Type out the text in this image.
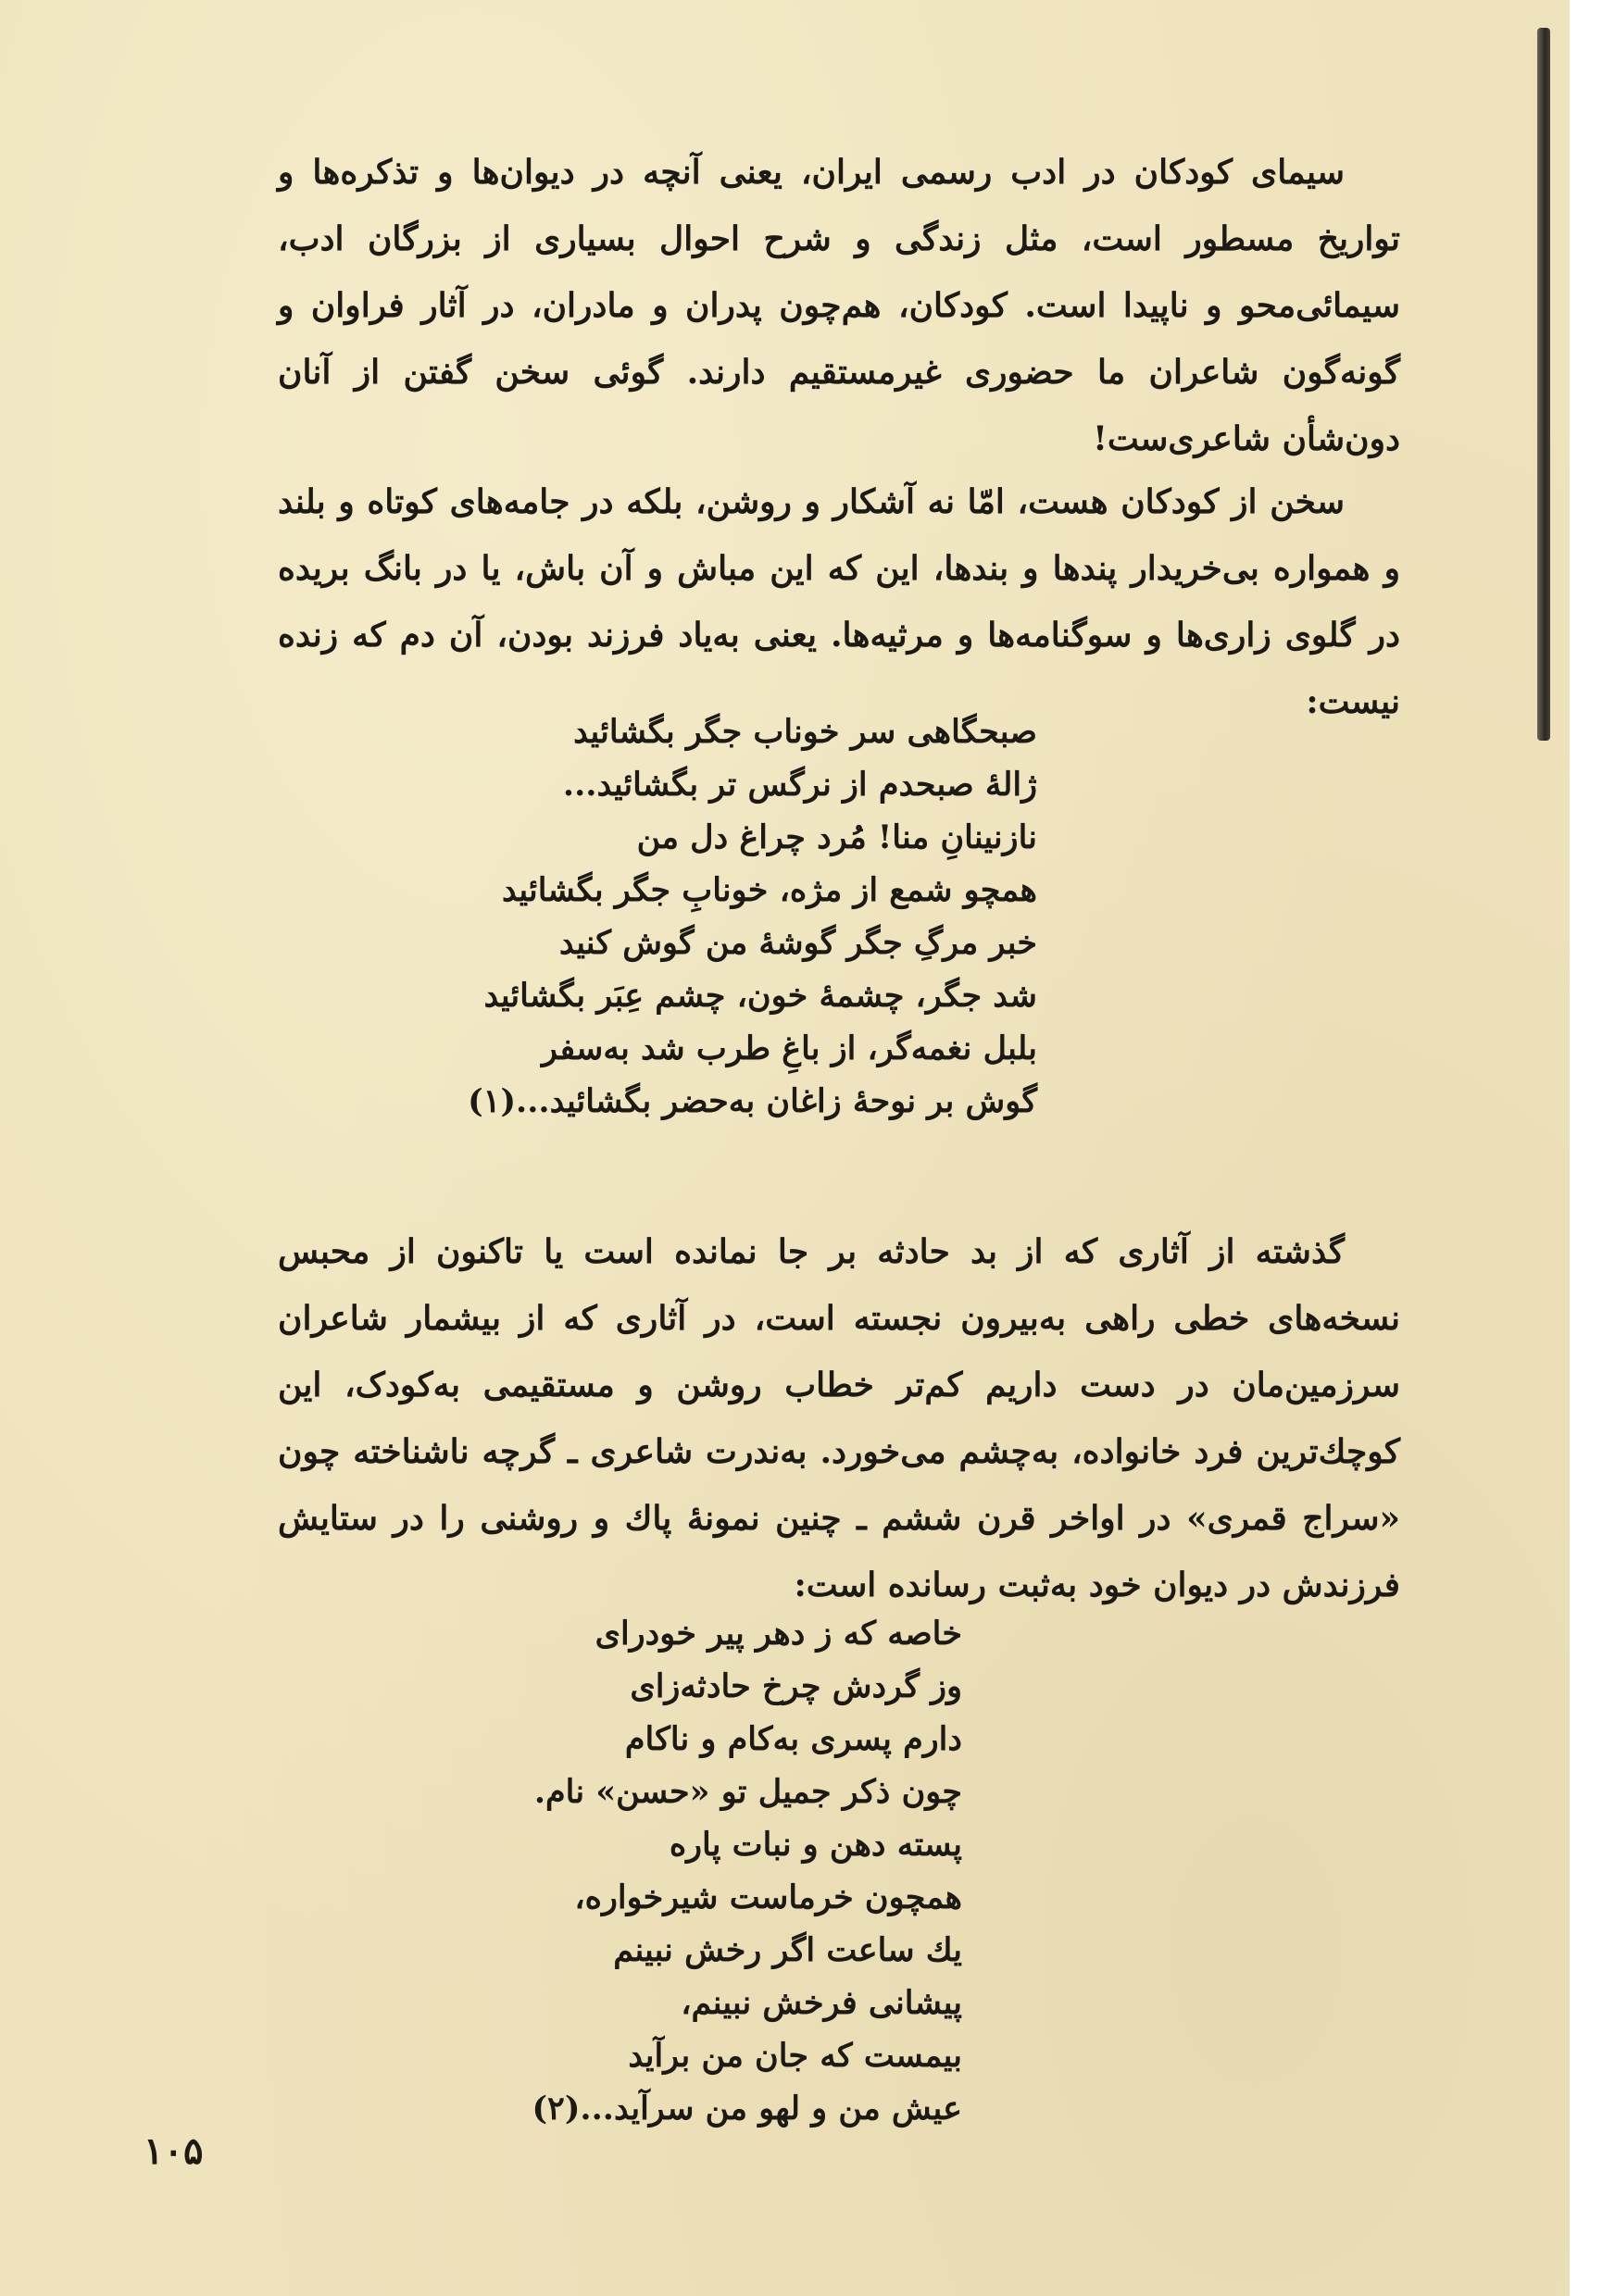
سیمای کودکان در ادب رسمی ایران، یعنی آنچه در دیوان‌ها و تذکره‌ها و تواریخ مسطور است، مثل زندگی و شرح احوال بسیاری از بزرگان ادب، سیمائی‌محو و ناپیدا است. کودکان، هم‌چون پدران و مادران، در آثار فراوان و گونه‌گون شاعران ما حضوری غیرمستقیم دارند. گوئی سخن گفتن از آنان دون‌شأن شاعری‌ست!

سخن از کودکان هست، امّا نه آشکار و روشن، بلکه در جامه‌های کوتاه و بلند و همواره بی‌خریدار پندها و بندها، این که این مباش و آن باش، یا در بانگ بریده در گلوی زاری‌ها و سوگنامه‌ها و مرثیه‌ها. یعنی به‌یاد فرزند بودن، آن دم که زنده نیست:

صبحگاهی سر خوناب جگر بگشائید
ژالهٔ صبحدم از نرگس تر بگشائید...
نازنینانِ منا! مُرد چراغ دل من
همچو شمع از مژه، خونابِ جگر بگشائید
خبر مرگِ جگر گوشهٔ من گوش کنید
شد جگر، چشمهٔ خون، چشم عِبَر بگشائید
بلبل نغمه‌گر، از باغِ طرب شد به‌سفر
گوش بر نوحهٔ زاغان به‌حضر بگشائید...(۱)

گذشته از آثاری که از بد حادثه بر جا نمانده است یا تاکنون از محبس نسخه‌های خطی راهی به‌بیرون نجسته است، در آثاری که از بیشمار شاعران سرزمین‌مان در دست داریم کم‌تر خطاب روشن و مستقیمی به‌کودک، این کوچك‌ترین فرد خانواده، به‌چشم می‌خورد. به‌ندرت شاعری ـ گرچه ناشناخته چون «سراج قمری» در اواخر قرن ششم ـ چنین نمونهٔ پاك و روشنی را در ستایش فرزندش در دیوان خود به‌ثبت رسانده است:

خاصه که ز دهر پیر خودرای
وز گردش چرخ حادثه‌زای
دارم پسری به‌کام و ناکام
چون ذکر جمیل تو «حسن» نام.
پسته دهن و نبات پاره
همچون خرماست شیرخواره،
یك ساعت اگر رخش نبینم
پیشانی فرخش نبینم،
بیمست که جان من برآید
عیش من و لهو من سرآید...(۲)
۱۰۵
